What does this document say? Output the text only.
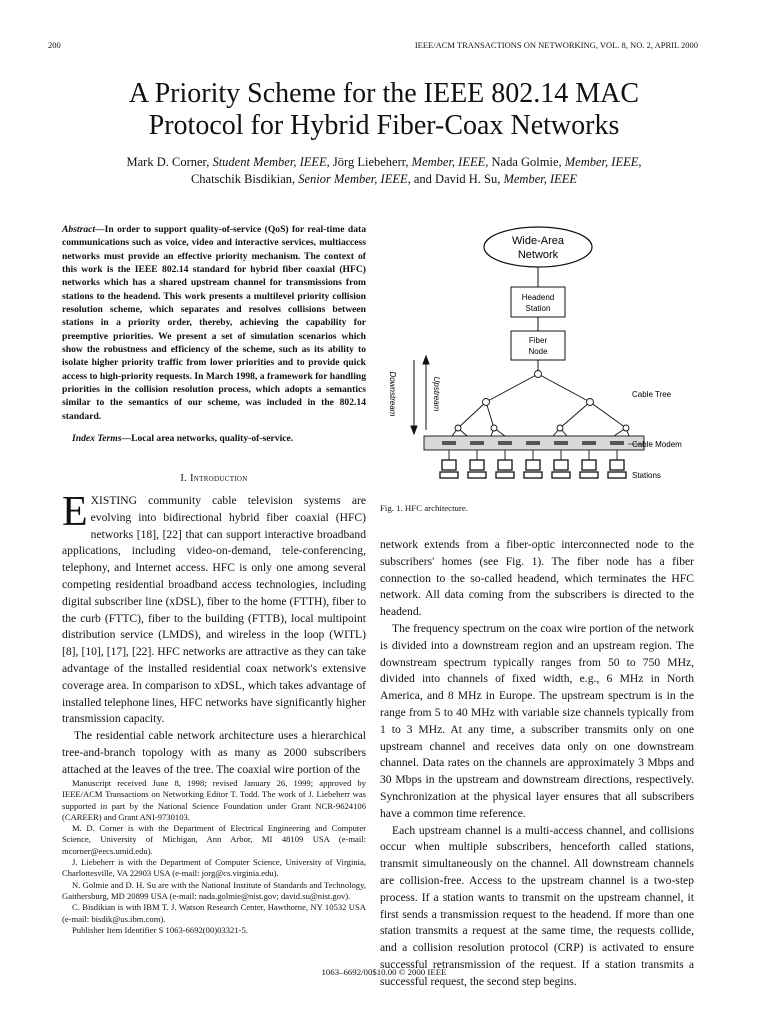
200	IEEE/ACM TRANSACTIONS ON NETWORKING, VOL. 8, NO. 2, APRIL 2000
A Priority Scheme for the IEEE 802.14 MAC
Protocol for Hybrid Fiber-Coax Networks
Mark D. Corner, Student Member, IEEE, Jörg Liebeherr, Member, IEEE, Nada Golmie, Member, IEEE,
Chatschik Bisdikian, Senior Member, IEEE, and David H. Su, Member, IEEE
Abstract—In order to support quality-of-service (QoS) for real-time data communications such as voice, video and interactive services, multiaccess networks must provide an effective priority mechanism. The context of this work is the IEEE 802.14 standard for hybrid fiber coaxial (HFC) networks which has a shared upstream channel for transmissions from stations to the headend. This work presents a multilevel priority collision resolution scheme, which separates and resolves collisions between stations in a priority order, thereby, achieving the capability for preemptive priorities. We present a set of simulation scenarios which show the robustness and efficiency of the scheme, such as its ability to isolate higher priority traffic from lower priorities and to provide quick access to high-priority requests. In March 1998, a framework for handling priorities in the collision resolution process, which adopts a semantics similar to the semantics of our scheme, was included in the 802.14 standard.
Index Terms—Local area networks, quality-of-service.
I. Introduction

EXISTING community cable television systems are evolving into bidirectional hybrid fiber coaxial (HFC) networks [18], [22] that can support interactive broadband applications, including video-on-demand, tele-conferencing, telephony, and Internet access. HFC is only one among several competing residential broadband access technologies, including digital subscriber line (xDSL), fiber to the home (FTTH), fiber to the curb (FTTC), fiber to the building (FTTB), local multipoint distribution service (LMDS), and wireless in the loop (WITL) [8], [10], [17], [22]. HFC networks are attractive as they can take advantage of the installed residential coax network's extensive coverage area. In comparison to xDSL, which takes advantage of installed telephone lines, HFC networks have significantly higher transmission capacity.

The residential cable network architecture uses a hierarchical tree-and-branch topology with as many as 2000 subscribers attached at the leaves of the tree. The coaxial wire portion of the

Manuscript received June 8, 1998; revised January 26, 1999; approved by IEEE/ACM Transactions on Networking Editor T. Todd. The work of J. Liebeherr was supported in part by the National Science Foundation under Grant NCR-9624106 (CAREER) and Grant ANI-9730103.

M. D. Corner is with the Department of Electrical Engineering and Computer Science, University of Michigan, Ann Arbor, MI 48109 USA (e-mail: mcorner@eecs.umid.edu).

J. Liebeherr is with the Department of Computer Science, University of Virginia, Charlottesville, VA 22903 USA (e-mail: jorg@cs.virginia.edu).

N. Golmie and D. H. Su are with the National Institute of Standards and Technology, Gaithersburg, MD 20899 USA (e-mail: nada.golmie@nist.gov; david.su@nist.gov).

C. Bisdikian is with IBM T. J. Watson Research Center, Hawthorne, NY 10532 USA (e-mail: bisdik@us.ibm.com).

Publisher Item Identifier S 1063-6692(00)03321-5.

Wide-Area
Network
Headend
Station
Fiber
Node
Downstream	Upstream	Cable Tree
Cable Modem
Stations
Fig. 1. HFC architecture.

network extends from a fiber-optic interconnected node to the subscribers' homes (see Fig. 1). The fiber node has a fiber connection to the so-called headend, which terminates the HFC network. All data coming from the subscribers is directed to the headend.

The frequency spectrum on the coax wire portion of the network is divided into a downstream region and an upstream region. The downstream spectrum typically ranges from 50 to 750 MHz, divided into channels of fixed width, e.g., 6 MHz in North America, and 8 MHz in Europe. The upstream spectrum is in the range from 5 to 40 MHz with variable size channels typically from 1 to 3 MHz. At any time, a subscriber transmits only on one upstream channel and receives data only on one downstream channel. Data rates on the channels are approximately 3 Mbps and 30 Mbps in the upstream and downstream directions, respectively. Synchronization at the physical layer ensures that all subscribers have a common time reference.

Each upstream channel is a multi-access channel, and collisions occur when multiple subscribers, henceforth called stations, transmit simultaneously on the channel. All downstream channels are collision-free. Access to the upstream channel is a two-step process. If a station wants to transmit on the upstream channel, it first sends a transmission request to the headend. If more than one station transmits a request at the same time, the requests collide, and a collision resolution protocol (CRP) is activated to ensure successful retransmission of the request. If a station transmits a successful request, the second step begins.

1063–6692/00$10.00 © 2000 IEEE
